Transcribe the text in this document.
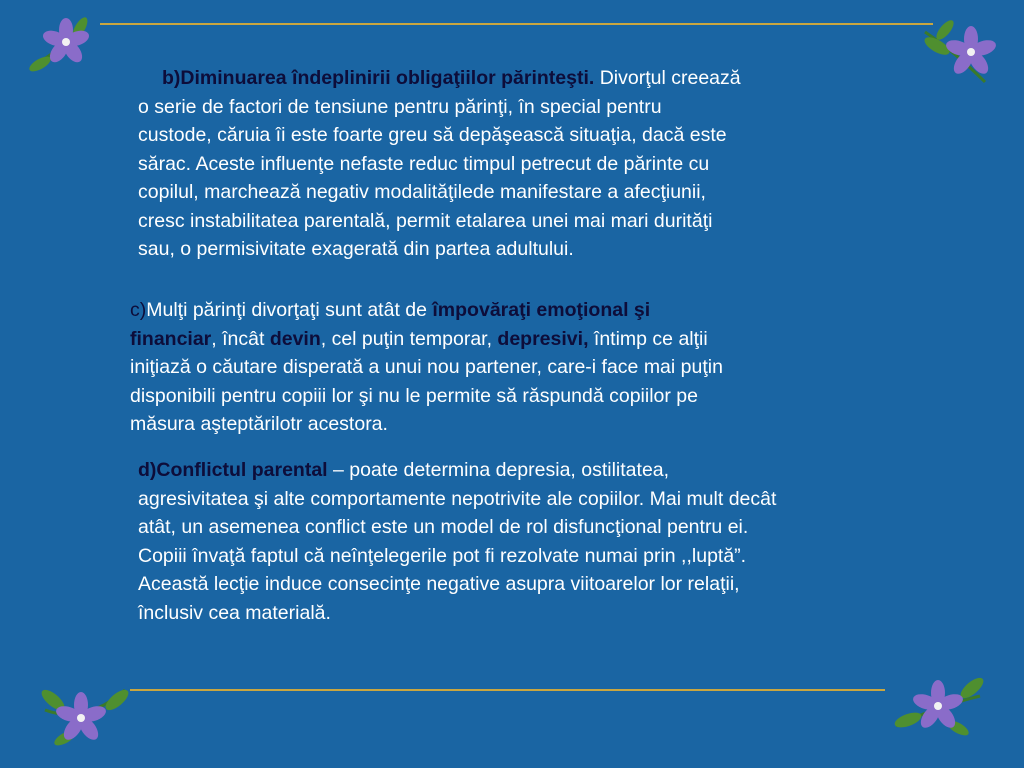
b)Diminuarea îndeplinirii obligaţiilor părinteşti. Divorţul creează
o serie de factori de tensiune pentru părinţi, în special pentru
custode, căruia îi este foarte greu să depăşească situaţia, dacă este
sărac. Aceste influenţe nefaste reduc timpul petrecut de părinte cu
copilul, marchează negativ modalităţilede manifestare a afecţiunii,
cresc instabilitatea parentală, permit etalarea unei mai mari durităţi
sau, o permisivitate exagerată din partea adultului.
c)Mulţi părinţi divorţaţi sunt atât de împovăraţi emoţional şi
financiar, încât devin, cel puţin temporar, depresivi, întimp ce alţii
iniţiază o căutare disperată a unui nou partener, care-i face mai puţin
disponibili pentru copiii lor şi nu le permite să răspundă copiilor pe
măsura aşteptărilotr acestora.
d)Conflictul parental – poate determina depresia, ostilitatea,
agresivitatea şi alte comportamente nepotrivite ale copiilor. Mai mult decât
atât, un asemenea conflict este un model de rol disfuncţional pentru ei.
Copiii învaţă faptul că neînţelegerile pot fi rezolvate numai prin ,,luptă”.
Această lecţie induce consecinţe negative asupra viitoarelor lor relaţii,
înclusiv cea materială.
